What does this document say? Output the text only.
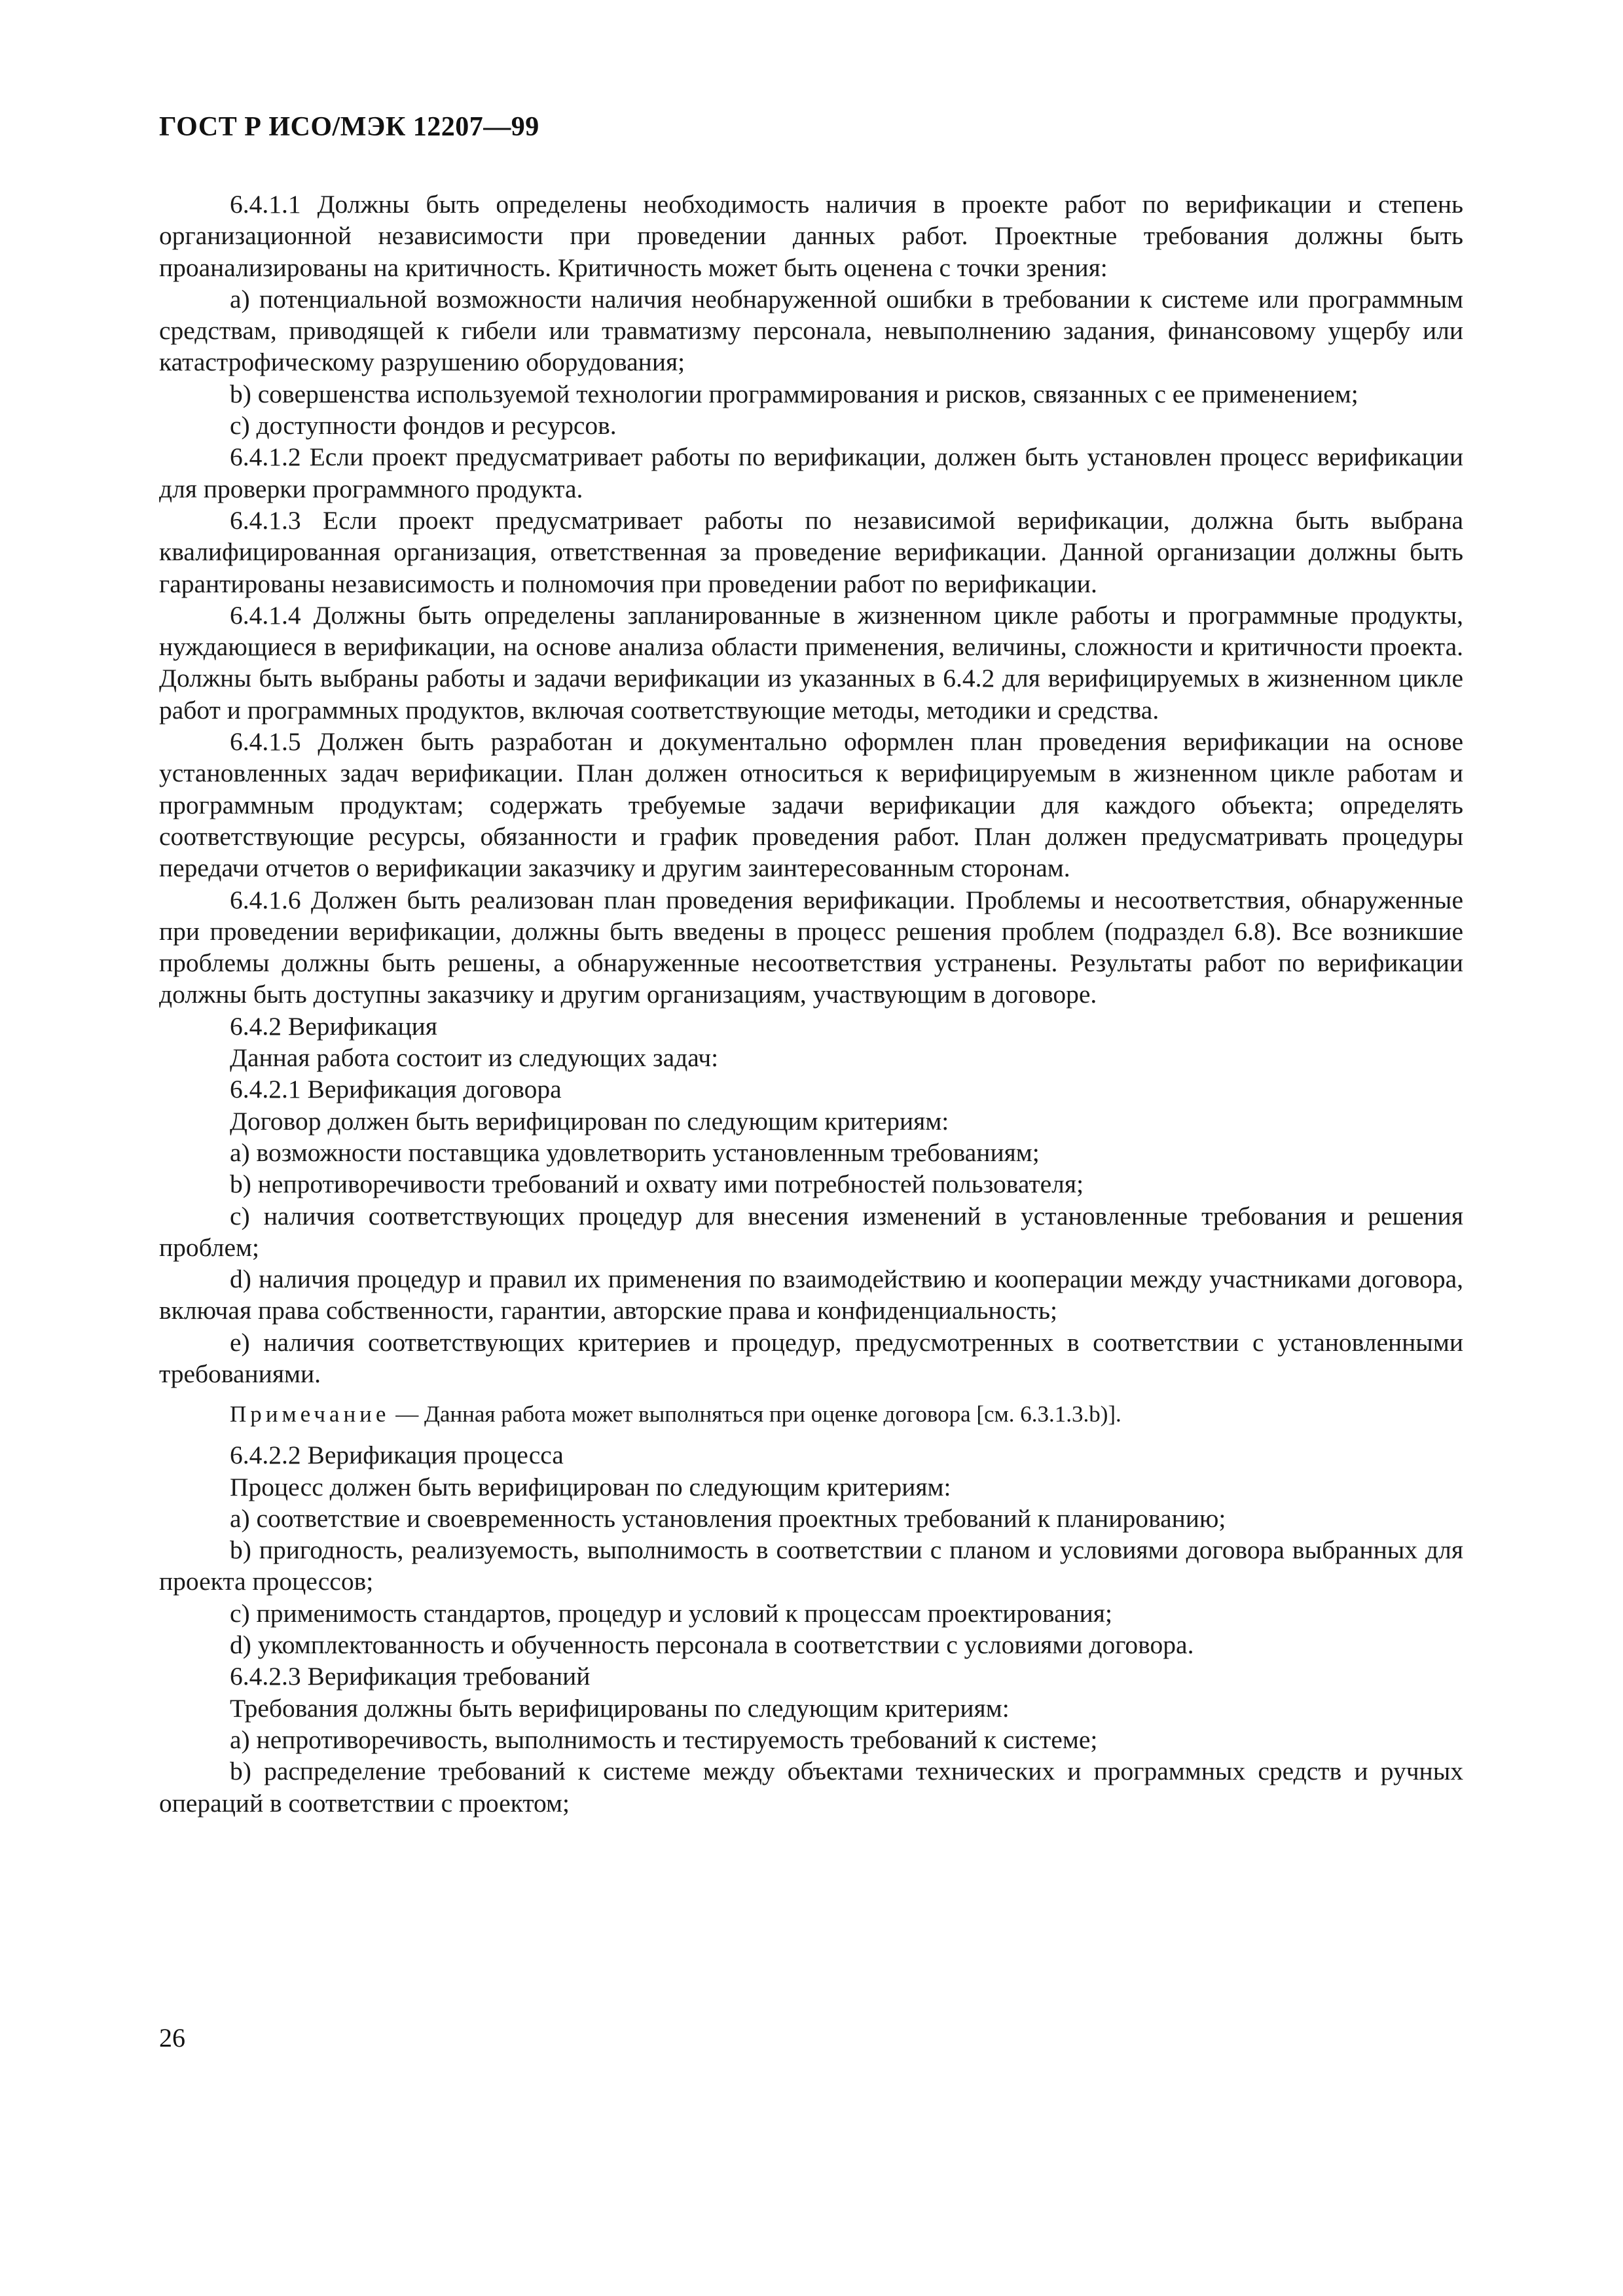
ГОСТ Р ИСО/МЭК 12207—99

6.4.1.1 Должны быть определены необходимость наличия в проекте работ по верификации и степень организационной независимости при проведении данных работ. Проектные требования должны быть проанализированы на критичность. Критичность может быть оценена с точки зрения:

а) потенциальной возможности наличия необнаруженной ошибки в требовании к системе или программным средствам, приводящей к гибели или травматизму персонала, невыполнению задания, финансовому ущербу или катастрофическому разрушению оборудования;

b) совершенства используемой технологии программирования и рисков, связанных с ее применением;

c) доступности фондов и ресурсов.

6.4.1.2 Если проект предусматривает работы по верификации, должен быть установлен процесс верификации для проверки программного продукта.

6.4.1.3 Если проект предусматривает работы по независимой верификации, должна быть выбрана квалифицированная организация, ответственная за проведение верификации. Данной организации должны быть гарантированы независимость и полномочия при проведении работ по верификации.

6.4.1.4 Должны быть определены запланированные в жизненном цикле работы и программные продукты, нуждающиеся в верификации, на основе анализа области применения, величины, сложности и критичности проекта. Должны быть выбраны работы и задачи верификации из указанных в 6.4.2 для верифицируемых в жизненном цикле работ и программных продуктов, включая соответствующие методы, методики и средства.

6.4.1.5 Должен быть разработан и документально оформлен план проведения верификации на основе установленных задач верификации. План должен относиться к верифицируемым в жизненном цикле работам и программным продуктам; содержать требуемые задачи верификации для каждого объекта; определять соответствующие ресурсы, обязанности и график проведения работ. План должен предусматривать процедуры передачи отчетов о верификации заказчику и другим заинтересованным сторонам.

6.4.1.6 Должен быть реализован план проведения верификации. Проблемы и несоответствия, обнаруженные при проведении верификации, должны быть введены в процесс решения проблем (подраздел 6.8). Все возникшие проблемы должны быть решены, а обнаруженные несоответствия устранены. Результаты работ по верификации должны быть доступны заказчику и другим организациям, участвующим в договоре.

6.4.2 Верификация

Данная работа состоит из следующих задач:

6.4.2.1 Верификация договора

Договор должен быть верифицирован по следующим критериям:

a) возможности поставщика удовлетворить установленным требованиям;

b) непротиворечивости требований и охвату ими потребностей пользователя;

c) наличия соответствующих процедур для внесения изменений в установленные требования и решения проблем;

d) наличия процедур и правил их применения по взаимодействию и кооперации между участниками договора, включая права собственности, гарантии, авторские права и конфиденциальность;

e) наличия соответствующих критериев и процедур, предусмотренных в соответствии с установленными требованиями.

Примечание — Данная работа может выполняться при оценке договора [см. 6.3.1.3.b)].

6.4.2.2 Верификация процесса

Процесс должен быть верифицирован по следующим критериям:

a) соответствие и своевременность установления проектных требований к планированию;

b) пригодность, реализуемость, выполнимость в соответствии с планом и условиями договора выбранных для проекта процессов;

c) применимость стандартов, процедур и условий к процессам проектирования;

d) укомплектованность и обученность персонала в соответствии с условиями договора.

6.4.2.3 Верификация требований

Требования должны быть верифицированы по следующим критериям:

a) непротиворечивость, выполнимость и тестируемость требований к системе;

b) распределение требований к системе между объектами технических и программных средств и ручных операций в соответствии с проектом;

26
